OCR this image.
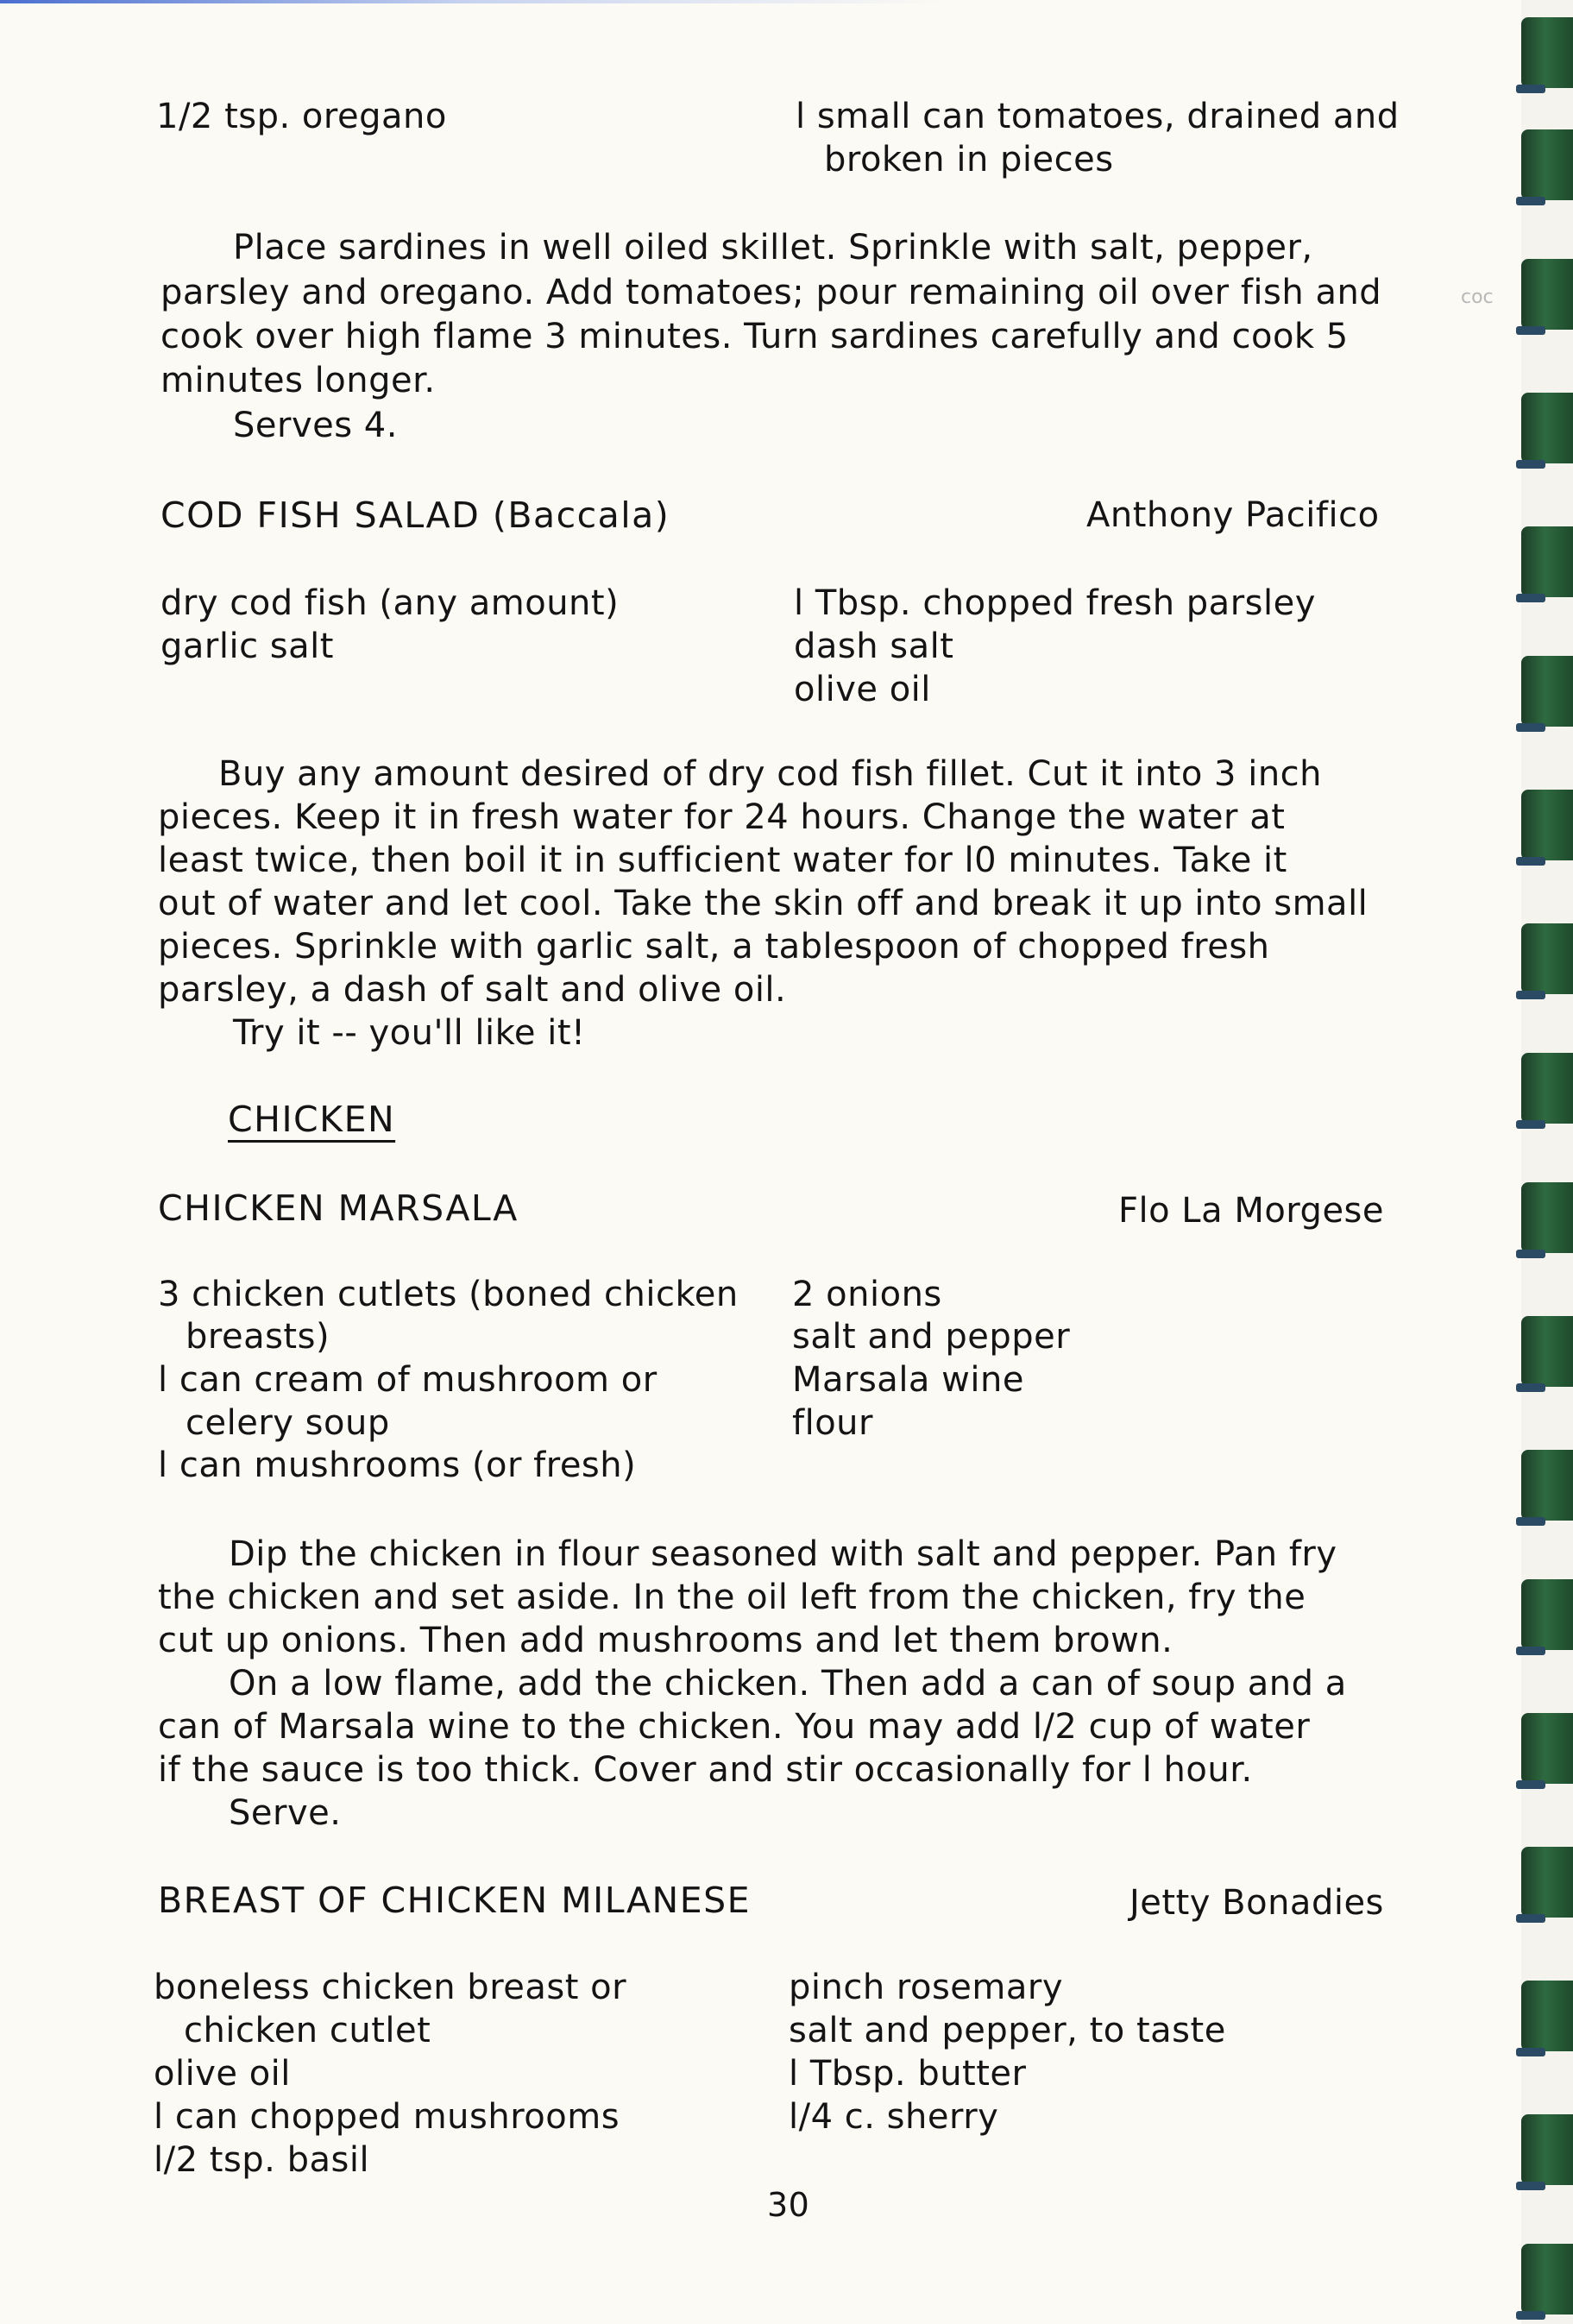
1/2 tsp. oregano	l small can tomatoes, drained and

broken in pieces

Place sardines in well oiled skillet. Sprinkle with salt, pepper,

parsley and oregano. Add tomatoes; pour remaining oil over fish and

cook over high flame 3 minutes. Turn sardines carefully and cook 5

minutes longer.

Serves 4.

coc

COD FISH SALAD (Baccala)	Anthony Pacifico

dry cod fish (any amount)

garlic salt

l Tbsp. chopped fresh parsley

dash salt

olive oil

Buy any amount desired of dry cod fish fillet. Cut it into 3 inch

pieces. Keep it in fresh water for 24 hours. Change the water at

least twice, then boil it in sufficient water for l0 minutes. Take it

out of water and let cool. Take the skin off and break it up into small

pieces. Sprinkle with garlic salt, a tablespoon of chopped fresh

parsley, a dash of salt and olive oil.

Try it -- you'll like it!

CHICKEN

CHICKEN MARSALA	Flo La Morgese

3 chicken cutlets (boned chicken

breasts)

l can cream of mushroom or

celery soup

l can mushrooms (or fresh)

2 onions

salt and pepper

Marsala wine

flour

Dip the chicken in flour seasoned with salt and pepper. Pan fry

the chicken and set aside. In the oil left from the chicken, fry the

cut up onions. Then add mushrooms and let them brown.

On a low flame, add the chicken. Then add a can of soup and a

can of Marsala wine to the chicken. You may add l/2 cup of water

if the sauce is too thick. Cover and stir occasionally for l hour.

Serve.

BREAST OF CHICKEN MILANESE	Jetty Bonadies

boneless chicken breast or

chicken cutlet

olive oil

l can chopped mushrooms

l/2 tsp. basil

pinch rosemary

salt and pepper, to taste

l Tbsp. butter

l/4 c. sherry

30
